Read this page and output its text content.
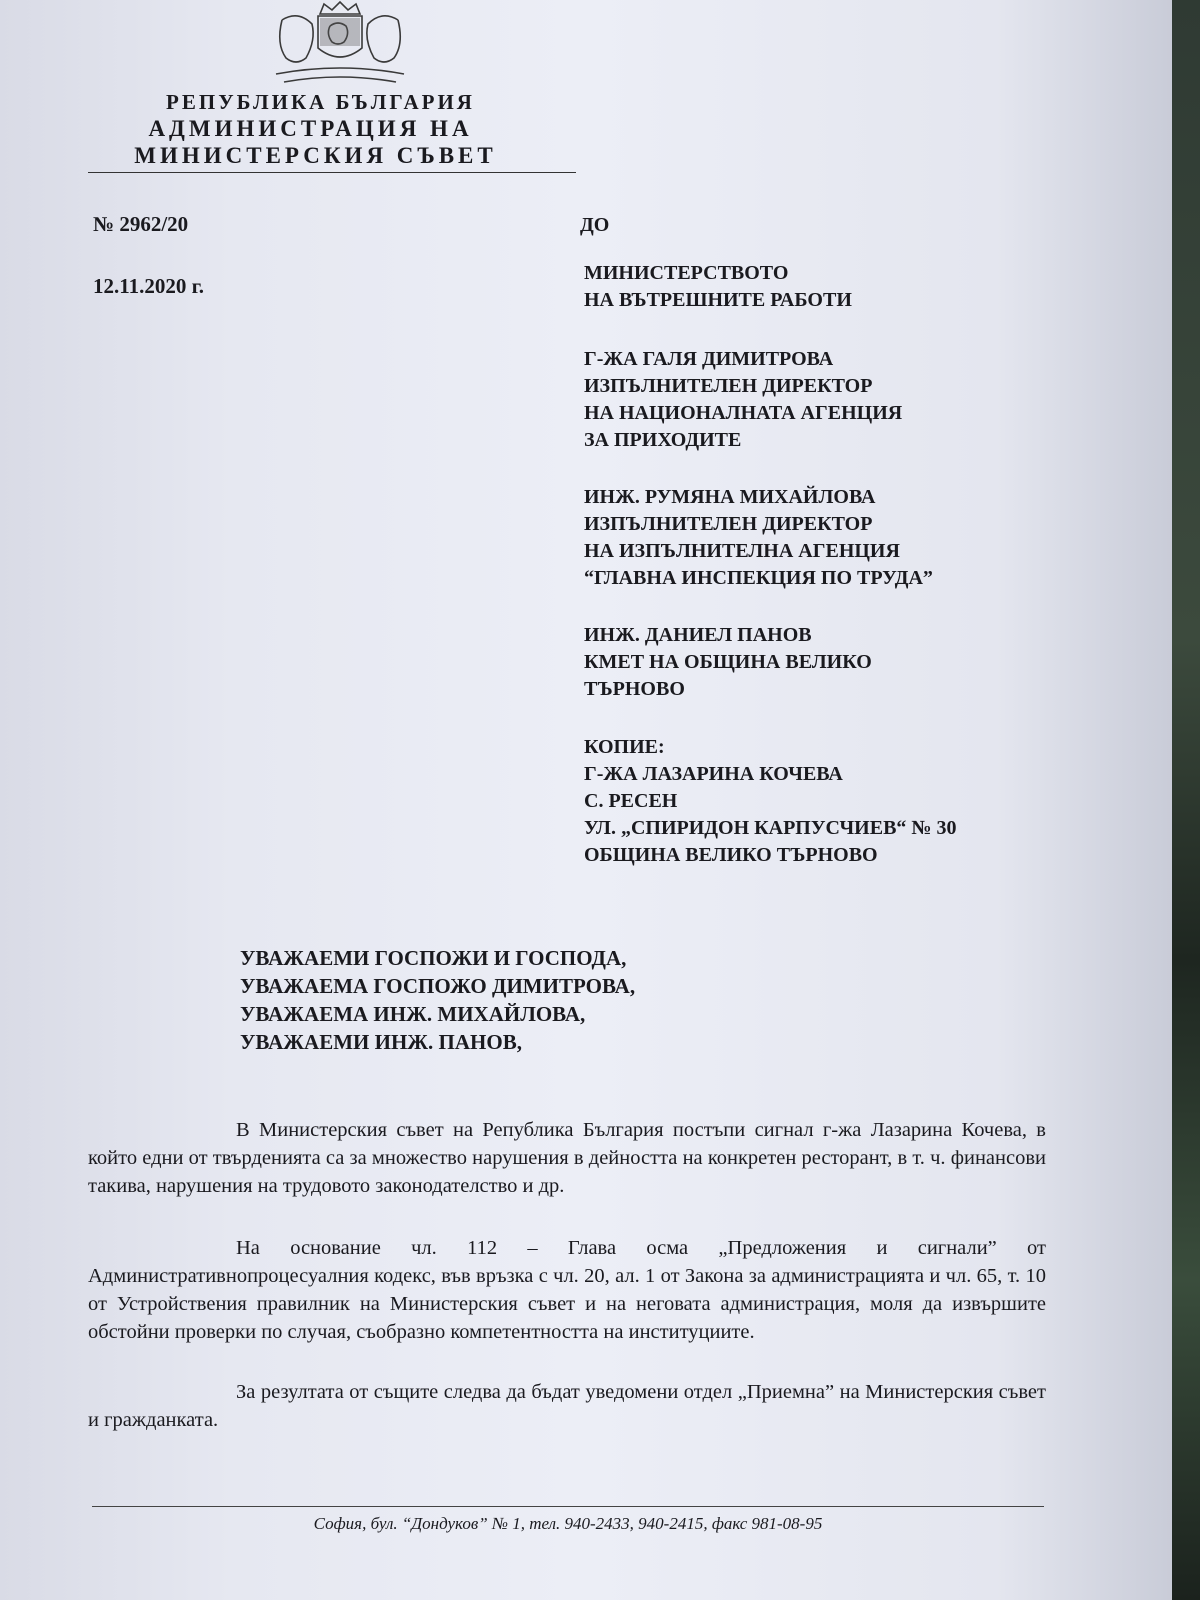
РЕПУБЛИКА БЪЛГАРИЯ
АДМИНИСТРАЦИЯ НА
МИНИСТЕРСКИЯ СЪВЕТ
№ 2962/20
12.11.2020 г.
ДО
МИНИСТЕРСТВОТО
НА ВЪТРЕШНИТЕ РАБОТИ
Г-ЖА ГАЛЯ ДИМИТРОВА
ИЗПЪЛНИТЕЛЕН ДИРЕКТОР
НА НАЦИОНАЛНАТА АГЕНЦИЯ
ЗА ПРИХОДИТЕ
ИНЖ. РУМЯНА МИХАЙЛОВА
ИЗПЪЛНИТЕЛЕН ДИРЕКТОР
НА ИЗПЪЛНИТЕЛНА АГЕНЦИЯ
“ГЛАВНА ИНСПЕКЦИЯ ПО ТРУДА”
ИНЖ. ДАНИЕЛ ПАНОВ
КМЕТ НА ОБЩИНА ВЕЛИКО
ТЪРНОВО
КОПИЕ:
Г-ЖА ЛАЗАРИНА КОЧЕВА
С. РЕСЕН
УЛ. „СПИРИДОН КАРПУСЧИЕВ“ № 30
ОБЩИНА ВЕЛИКО ТЪРНОВО
УВАЖАЕМИ ГОСПОЖИ И ГОСПОДА,
УВАЖАЕМА ГОСПОЖО ДИМИТРОВА,
УВАЖАЕМА ИНЖ. МИХАЙЛОВА,
УВАЖАЕМИ ИНЖ. ПАНОВ,
В Министерския съвет на Република България постъпи сигнал г-жа Лазарина Кочева, в който едни от твърденията са за множество нарушения в дейността на конкретен ресторант, в т. ч. финансови такива, нарушения на трудовото законодателство и др.
На основание чл. 112 – Глава осма „Предложения и сигнали” от Административнопроцесуалния кодекс, във връзка с чл. 20, ал. 1 от Закона за администрацията и чл. 65, т. 10 от Устройствения правилник на Министерския съвет и на неговата администрация, моля да извършите обстойни проверки по случая, съобразно компетентността на институциите.
За резултата от същите следва да бъдат уведомени отдел „Приемна” на Министерския съвет и гражданката.
София, бул. “Дондуков” № 1, тел. 940-2433, 940-2415, факс 981-08-95
